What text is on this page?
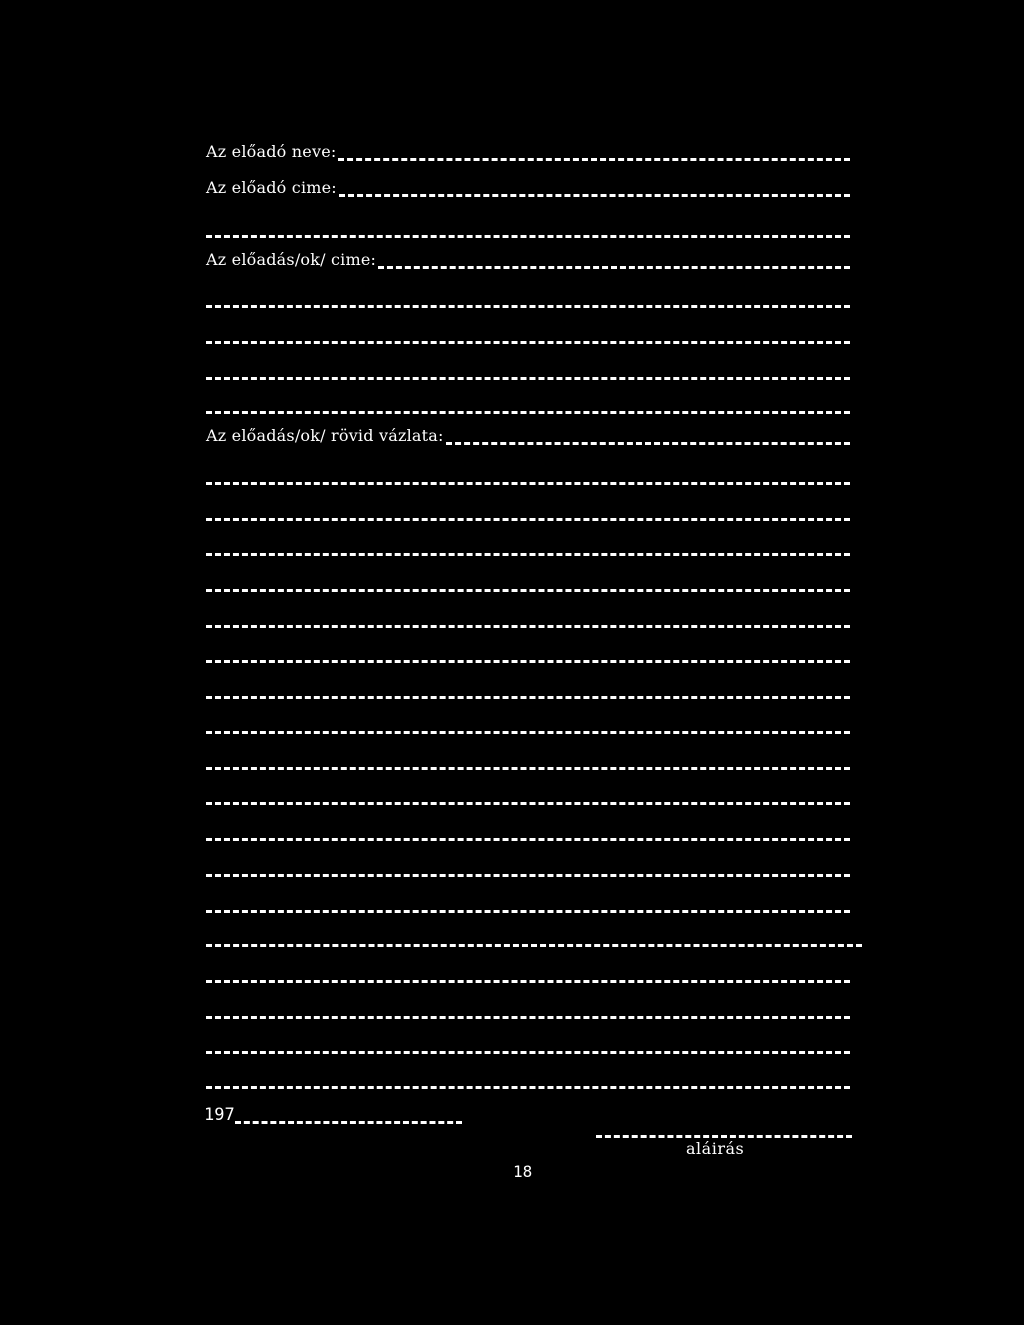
Az előadó neve:
Az előadó cime:
Az előadás/ok/ cime:
Az előadás/ok/ rövid vázlata:
197
aláirás
18
